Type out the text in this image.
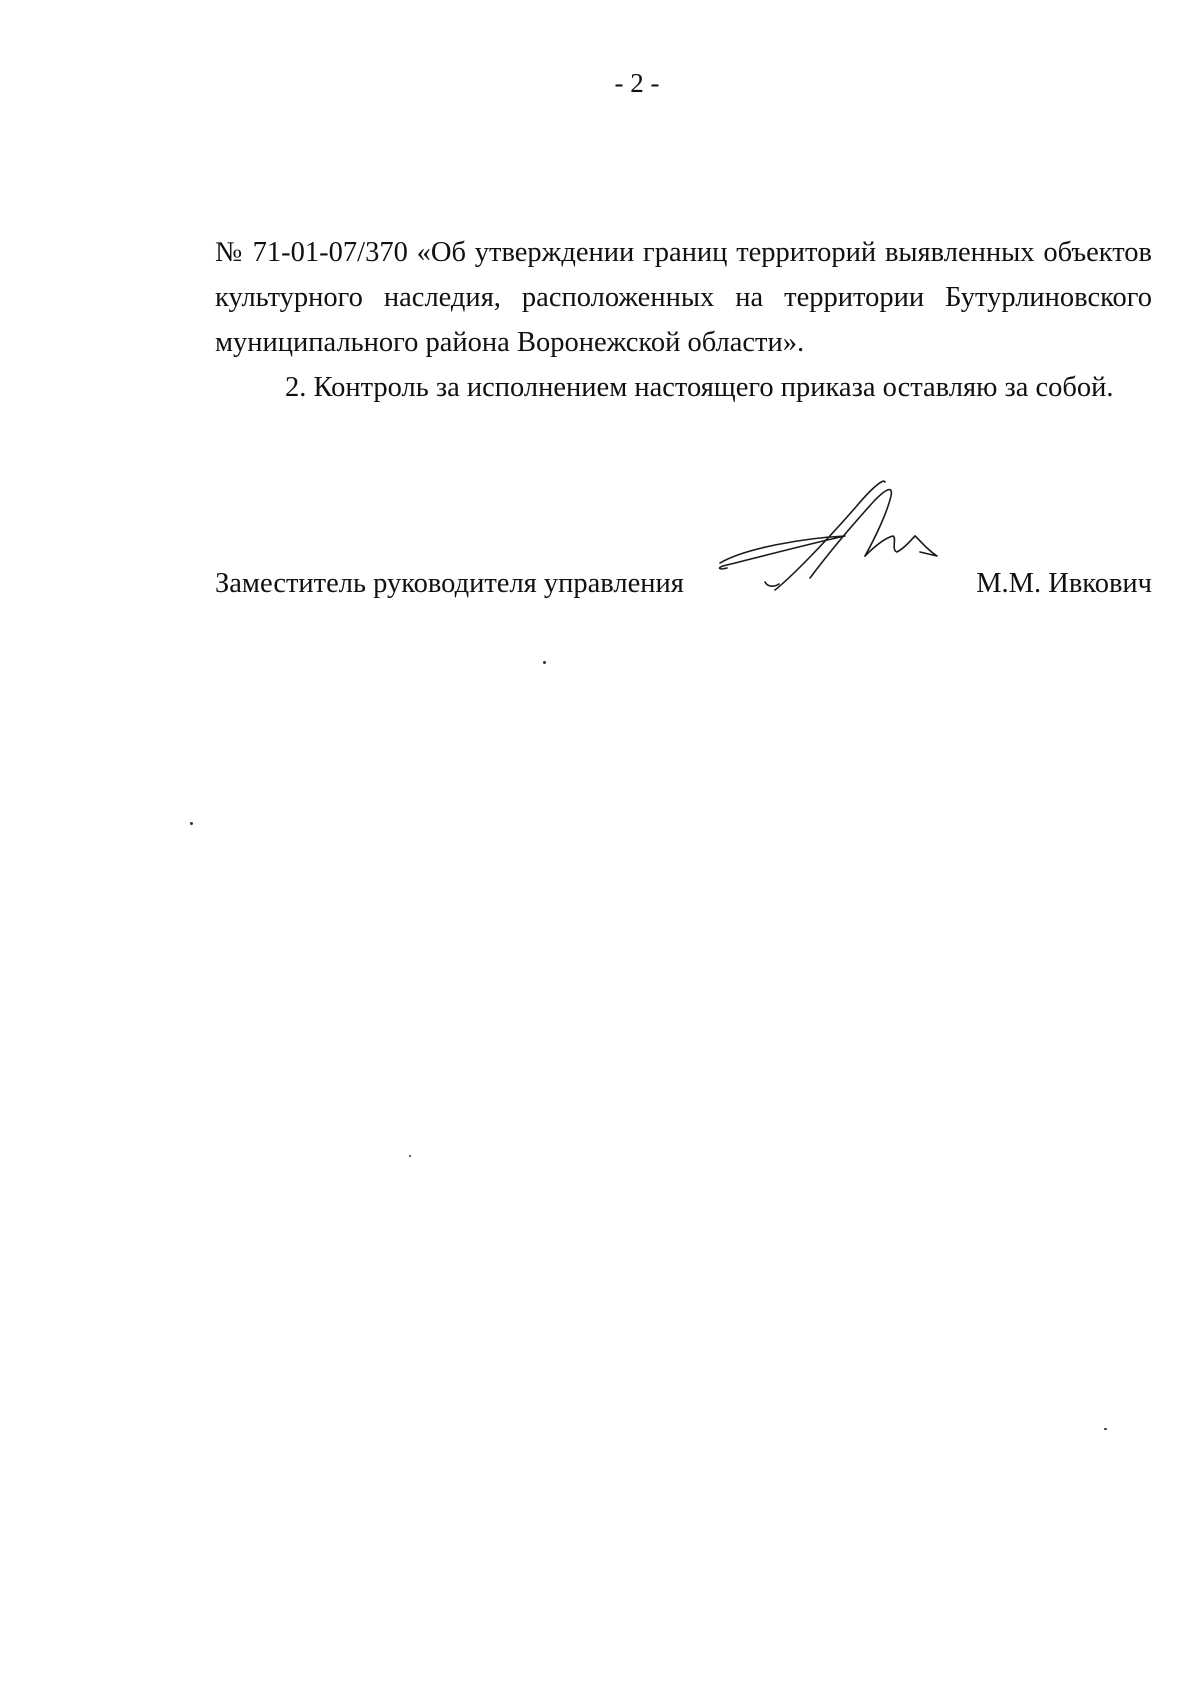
- 2 -

№ 71-01-07/370 «Об утверждении границ территорий выявленных объектов
культурного наследия, расположенных на территории Бутурлиновского
муниципального района Воронежской области».

2. Контроль за исполнением настоящего приказа оставляю за собой.

Заместитель руководителя управления	М.М. Ивкович
